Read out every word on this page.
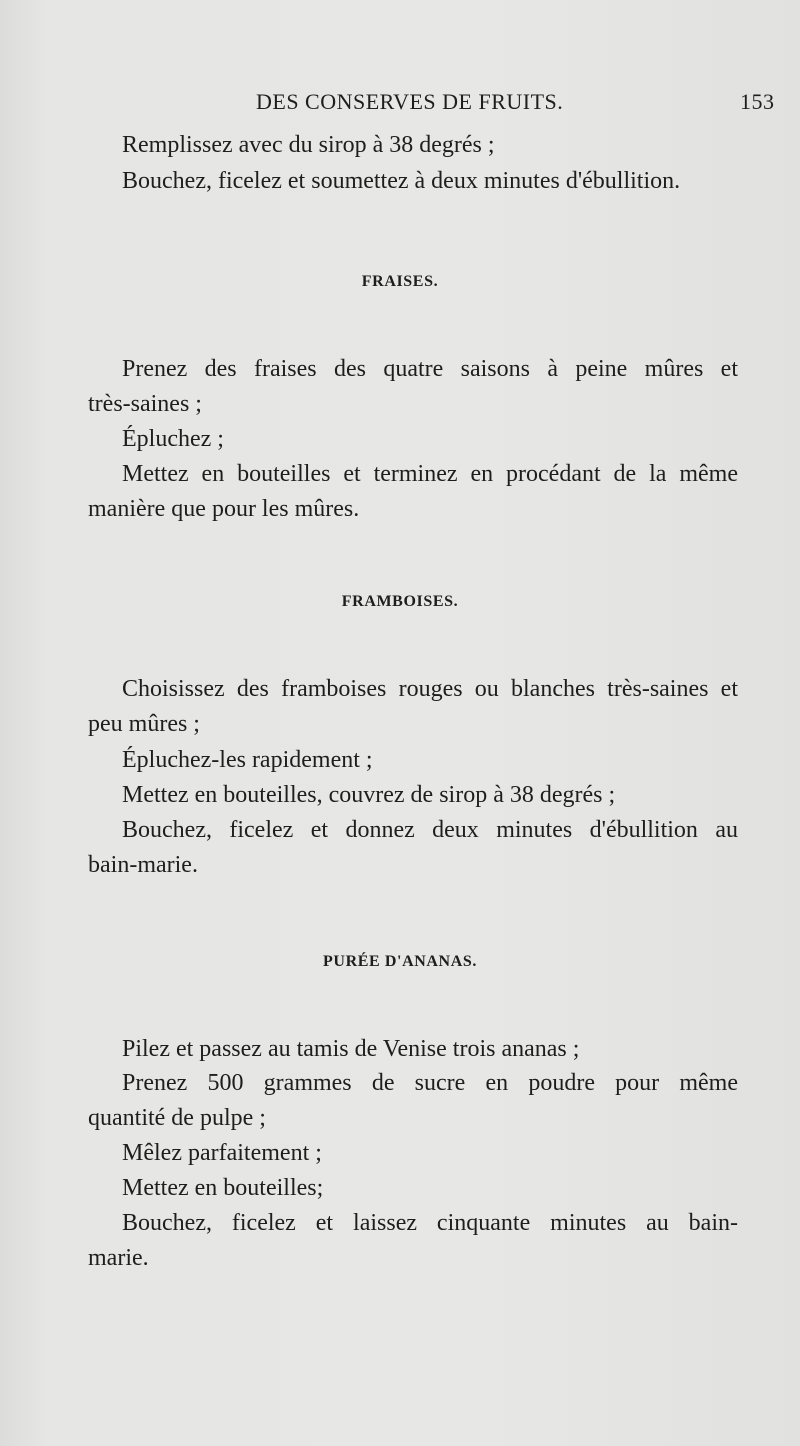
DES CONSERVES DE FRUITS.	153
Remplissez avec du sirop à 38 degrés ;
Bouchez, ficelez et soumettez à deux minutes d'ébullition.
FRAISES.
Prenez des fraises des quatre saisons à peine mûres et
très-saines ;
Épluchez ;
Mettez en bouteilles et terminez en procédant de la même
manière que pour les mûres.
FRAMBOISES.
Choisissez des framboises rouges ou blanches très-saines et
peu mûres ;
Épluchez-les rapidement ;
Mettez en bouteilles, couvrez de sirop à 38 degrés ;
Bouchez, ficelez et donnez deux minutes d'ébullition au
bain-marie.
PURÉE D'ANANAS.
Pilez et passez au tamis de Venise trois ananas ;
Prenez 500 grammes de sucre en poudre pour même
quantité de pulpe ;
Mêlez parfaitement ;
Mettez en bouteilles;
Bouchez, ficelez et laissez cinquante minutes au bain-
marie.
